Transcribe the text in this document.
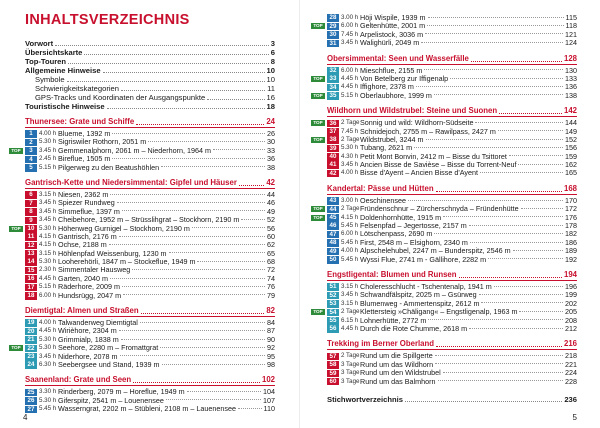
INHALTSVERZEICHNIS
Vorwort	3
Übersichtskarte	6
Top-Touren	8
Allgemeine Hinweise	10
Symbole	10
Schwierigkeitskategorien	11
GPS-Tracks und Koordinaten der Ausgangspunkte	16
Touristische Hinweise	18
Thunersee: Grate und Schiffe	24
1	4.00 h Blueme, 1392 m	26
2	5.30 h Sigriswiler Rothorn, 2051 m	30
TOP	3	3.45 h Gemmenalphorn, 2061 m – Niederhorn, 1964 m	33
4	2.45 h Bireflue, 1505 m	36
5	5.15 h Pilgerweg zu den Beatushöhlen	38
Gantrisch-Kette und Niedersimmental: Gipfel und Häuser	42
6	3.15 h Niesen, 2362 m	44
7	3.45 h Spiezer Rundweg	46
8	3.45 h Simmeflue, 1397 m	49
9	3.45 h Cheibehore, 1952 m – Strüsslihgrat – Stockhorn, 2190 m	52
TOP	10 5.30 h Höhenweg Gurnigel – Stockhorn, 2190 m	56
11 4.15 h Gantrisch, 2176 m	60
12 4.15 h Ochse, 2188 m	62
13 3.15 h Höhlenpfad Weissenburg, 1230 m	65
14 5.30 h Looherehörli, 1847 m – Stockeflue, 1949 m	68
15 2.30 h Simmentaler Hausweg	72
16 4.45 h Garten, 2040 m	74
17 5.15 h Räderhore, 2009 m	76
18 6.00 h Hundsrügg, 2047 m	79
Diemtigtal: Almen und Straßen	82
19 4.00 h Talwanderweg Diemtigtal	84
20 4.45 h Wirièhore, 2304 m	87
21 5.30 h Grimmialp, 1838 m	90
TOP	22 5.30 h Seehore, 2280 m – Fromattgrat	92
23 3.45 h Niderhore, 2078 m	95
24 6.30 h Seebergsee und Stand, 1939 m	98
Saanenland: Grate und Seen	102
25 3.30 h Rinderberg, 2079 m – Horeflue, 1949 m	104
26 5.30 h Giferspitz, 2541 m – Louenensee	107
27 5.45 h Wasserngrat, 2202 m – Stübleni, 2108 m – Lauenensee	110
4
28 3.00 h Höji Wispile, 1939 m	115
TOP	29 6.00 h Geltenhütte, 2001 m	118
30 7.45 h Arpelistock, 3036 m	121
31 3.45 h Walighürli, 2049 m	124
Obersimmental: Seen und Wasserfälle	128
32 6.00 h Mieschflue, 2155 m	130
TOP	33 4.45 h Von Betelberg zur Iffigenalp	133
34 4.45 h Iffighore, 2378 m	136
TOP	35 5.15 h Oberlaubhore, 1999 m	138
Wildhorn und Wildstrubel: Steine und Suonen	142
TOP	36 2 Tage Sonnig und wild: Wildhorn-Südseite	144
37 7.45 h Schnidejoch, 2755 m – Rawilpass, 2427 m	149
TOP	38 2 Tage Wildstrubel, 3244 m	152
39 5.30 h Tubang, 2621 m	156
40 4.30 h Petit Mont Bonvin, 2412 m – Bisse du Tsittoret	159
41 3.45 h Ancien Bisse de Savièse – Bisse du Torrent-Neuf	162
42 4.00 h Bisse d'Ayent – Ancien Bisse d'Ayent	165
Kandertal: Pässe und Hütten	168
43 3.00 h Oeschinensee	170
TOP	44 2 Tage Fründenschnur – Zürcherschnyda – Fründenhütte	172
TOP	45 4.15 h Doldenhornhütte, 1915 m	176
46 5.45 h Felsenpfad – Jegertosse, 2157 m	178
47 6.00 h Lötschenpass, 2690 m	182
48 5.45 h First, 2548 m – Elsighorn, 2340 m	186
49 4.00 h Alpschelehubel, 2247 m – Bunderspitz, 2546 m	189
50 5.45 h Wyssi Flue, 2741 m - Gällihore, 2282 m	192
Engstligental: Blumen und Runsen	194
51 3.15 h Choleresschlucht - Tschentenalp, 1941 m	196
52 3.45 h Schwandfälspitz, 2025 m – Gsürweg	199
53 3.15 h Blumenweg - Ammertenspitz, 2612 m	202
TOP	54 2 Tage Klettersteig »Chäligang« – Engstligenalp, 1963 m	205
55 6.15 h Lohnerhütte, 2772 m	208
56 4.45 h Durch die Rote Chumme, 2618 m	212
Trekking im Berner Oberland	216
57 2 Tage Rund um die Spillgerte	218
58 3 Tage Rund um das Wildhorn	221
59 3 Tage Rund um den Wildstrubel	224
60 3 Tage Rund um das Balmhorn	228
Stichwortverzeichnis	236
5
